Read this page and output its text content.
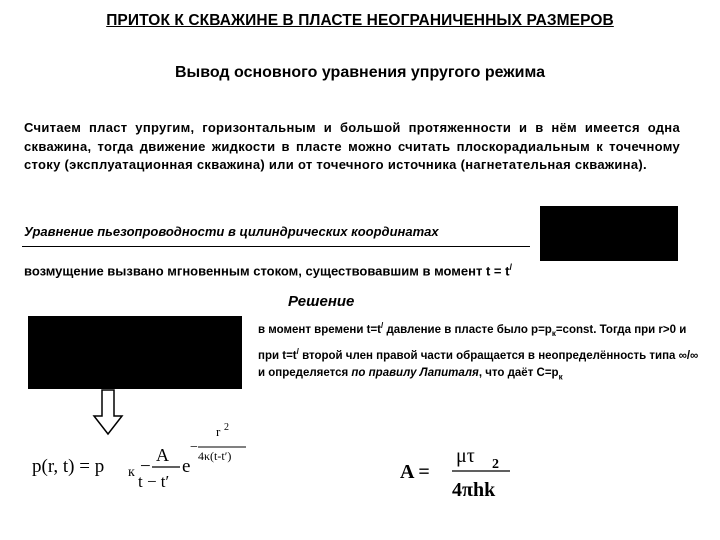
ПРИТОК К СКВАЖИНЕ В ПЛАСТЕ НЕОГРАНИЧЕННЫХ РАЗМЕРОВ
Вывод основного уравнения упругого режима
Считаем пласт упругим, горизонтальным и большой протяженности и в нём имеется одна скважина, тогда движение жидкости в пласте можно считать плоскорадиальным к точечному стоку (эксплуатационная скважина) или от точечного источника (нагнетательная скважина).
Уравнение пьезопроводности в цилиндрических координатах
возмущение вызвано мгновенным стоком, существовавшим в момент t = t/
Решение
в момент времени t=t/ давление в пласте было $p=p_к=const$. Тогда при r>0 и при t=t/ второй член правой части обращается в неопределённость типа ∞/∞ и определяется по правилу Лапиталя, что даёт $C=p_к$
p(r, t) = p к −
A
t − t′
e
−
r 2
4κ(t-t′)
A =
μτ 2
4πhk
